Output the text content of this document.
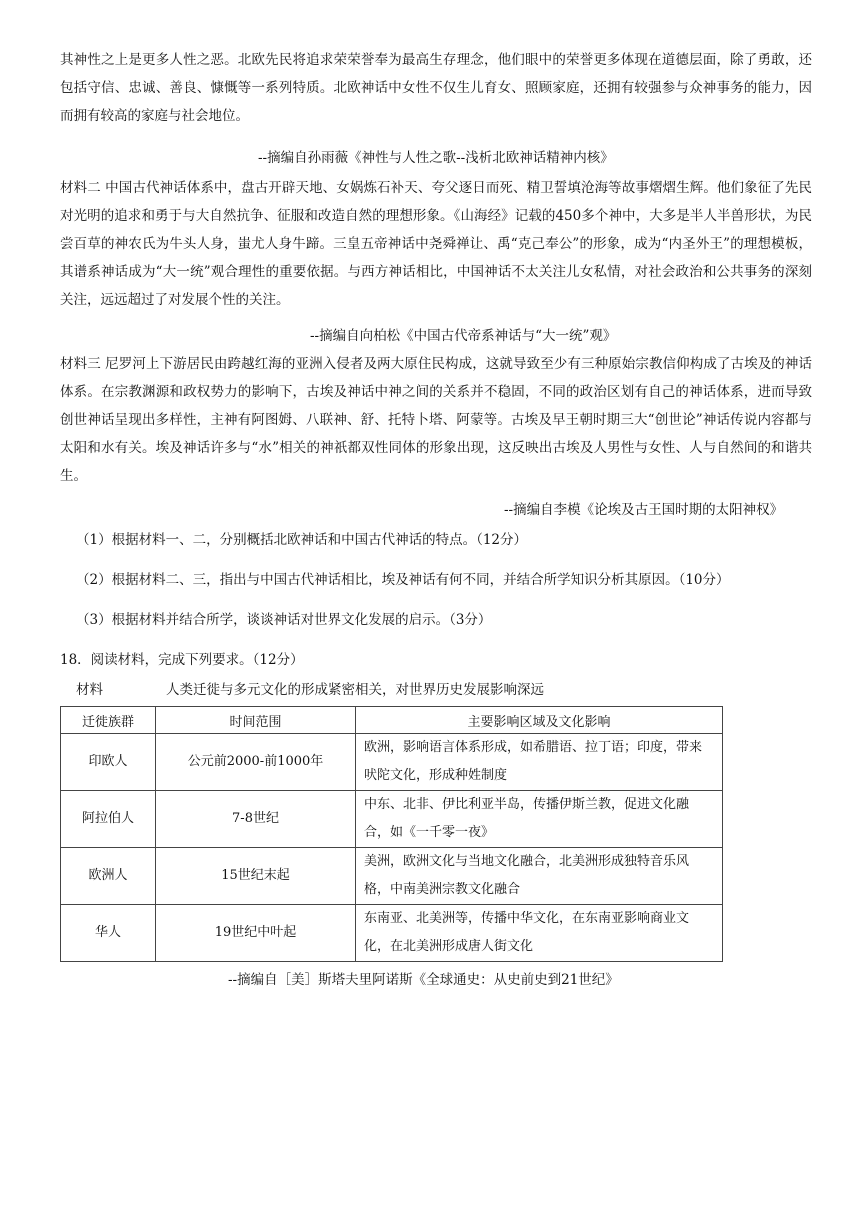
其神性之上是更多人性之恶。北欧先民将追求荣荣誉奉为最高生存理念，他们眼中的荣誉更多体现在道德层面，除了勇敢，还包括守信、忠诚、善良、慷慨等一系列特质。北欧神话中女性不仅生儿育女、照顾家庭，还拥有较强参与众神事务的能力，因而拥有较高的家庭与社会地位。

--摘编自孙雨薇《神性与人性之歌--浅析北欧神话精神内核》

材料二 中国古代神话体系中，盘古开辟天地、女娲炼石补天、夸父逐日而死、精卫誓填沧海等故事熠熠生辉。他们象征了先民对光明的追求和勇于与大自然抗争、征服和改造自然的理想形象。《山海经》记载的450多个神中，大多是半人半兽形状，为民尝百草的神农氏为牛头人身，蚩尤人身牛蹄。三皇五帝神话中尧舜禅让、禹“克己奉公”的形象，成为“内圣外王”的理想模板，其谱系神话成为“大一统”观合理性的重要依据。与西方神话相比，中国神话不太关注儿女私情，对社会政治和公共事务的深刻关注，远远超过了对发展个性的关注。

--摘编自向柏松《中国古代帝系神话与“大一统”观》

材料三 尼罗河上下游居民由跨越红海的亚洲入侵者及两大原住民构成，这就导致至少有三种原始宗教信仰构成了古埃及的神话体系。在宗教渊源和政权势力的影响下，古埃及神话中神之间的关系并不稳固，不同的政治区划有自己的神话体系，进而导致创世神话呈现出多样性，主神有阿图姆、八联神、舒、托特卜塔、阿蒙等。古埃及早王朝时期三大“创世论”神话传说内容都与太阳和水有关。埃及神话许多与“水”相关的神祇都双性同体的形象出现，这反映出古埃及人男性与女性、人与自然间的和谐共生。

--摘编自李模《论埃及古王国时期的太阳神权》

（1）根据材料一、二，分别概括北欧神话和中国古代神话的特点。（12分）

（2）根据材料二、三，指出与中国古代神话相比，埃及神话有何不同，并结合所学知识分析其原因。（10分）

（3）根据材料并结合所学，谈谈神话对世界文化发展的启示。（3分）

18．阅读材料，完成下列要求。（12分）

材料	人类迁徙与多元文化的形成紧密相关，对世界历史发展影响深远

迁徙族群	时间范围	主要影响区域及文化影响
印欧人	公元前2000-前1000年	欧洲，影响语言体系形成，如希腊语、拉丁语；印度，带来吠陀文化，形成种姓制度
阿拉伯人	7-8世纪	中东、北非、伊比利亚半岛，传播伊斯兰教，促进文化融合，如《一千零一夜》
欧洲人	15世纪末起	美洲，欧洲文化与当地文化融合，北美洲形成独特音乐风格，中南美洲宗教文化融合
华人	19世纪中叶起	东南亚、北美洲等，传播中华文化，在东南亚影响商业文化，在北美洲形成唐人街文化

--摘编自［美］斯塔夫里阿诺斯《全球通史：从史前史到21世纪》
